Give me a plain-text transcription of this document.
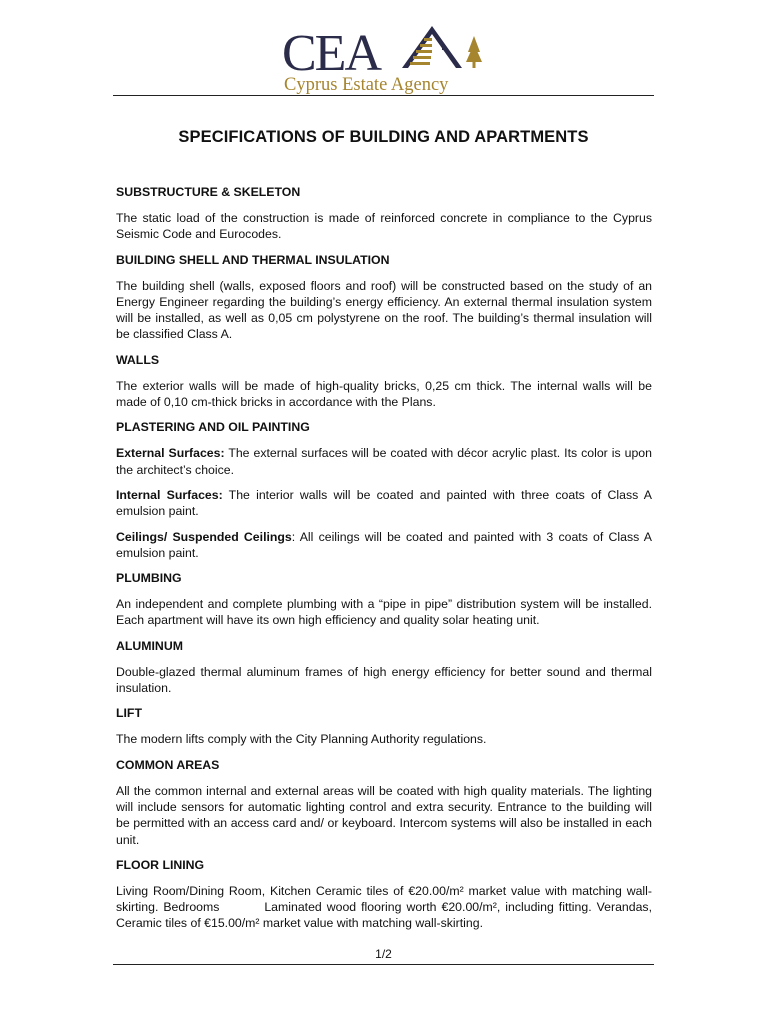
CEA
Cyprus Estate Agency
SPECIFICATIONS OF BUILDING AND APARTMENTS
SUBSTRUCTURE & SKELETON

The static load of the construction is made of reinforced concrete in compliance to the Cyprus Seismic Code and Eurocodes.

BUILDING SHELL AND THERMAL INSULATION

The building shell (walls, exposed floors and roof) will be constructed based on the study of an Energy Engineer regarding the building’s energy efficiency. An external thermal insulation system will be installed, as well as 0,05 cm polystyrene on the roof. The building’s thermal insulation will be classified Class A.

WALLS

The exterior walls will be made of high-quality bricks, 0,25 cm thick. The internal walls will be made of 0,10 cm-thick bricks in accordance with the Plans.

PLASTERING AND OIL PAINTING

External Surfaces: The external surfaces will be coated with décor acrylic plast. Its color is upon the architect’s choice.

Internal Surfaces: The interior walls will be coated and painted with three coats of Class A emulsion paint.

Ceilings/ Suspended Ceilings: All ceilings will be coated and painted with 3 coats of Class A emulsion paint.

PLUMBING

An independent and complete plumbing with a “pipe in pipe” distribution system will be installed. Each apartment will have its own high efficiency and quality solar heating unit.

ALUMINUM

Double-glazed thermal aluminum frames of high energy efficiency for better sound and thermal insulation.

LIFT

The modern lifts comply with the City Planning Authority regulations.

COMMON AREAS

All the common internal and external areas will be coated with high quality materials. The lighting will include sensors for automatic lighting control and extra security. Entrance to the building will be permitted with an access card and/ or keyboard. Intercom systems will also be installed in each unit.

FLOOR LINING

Living Room/Dining Room, Kitchen Ceramic tiles of €20.00/m² market value with matching wall-skirting. Bedrooms         Laminated wood flooring worth €20.00/m², including fitting. Verandas, Ceramic tiles of €15.00/m² market value with matching wall-skirting.

1/2
